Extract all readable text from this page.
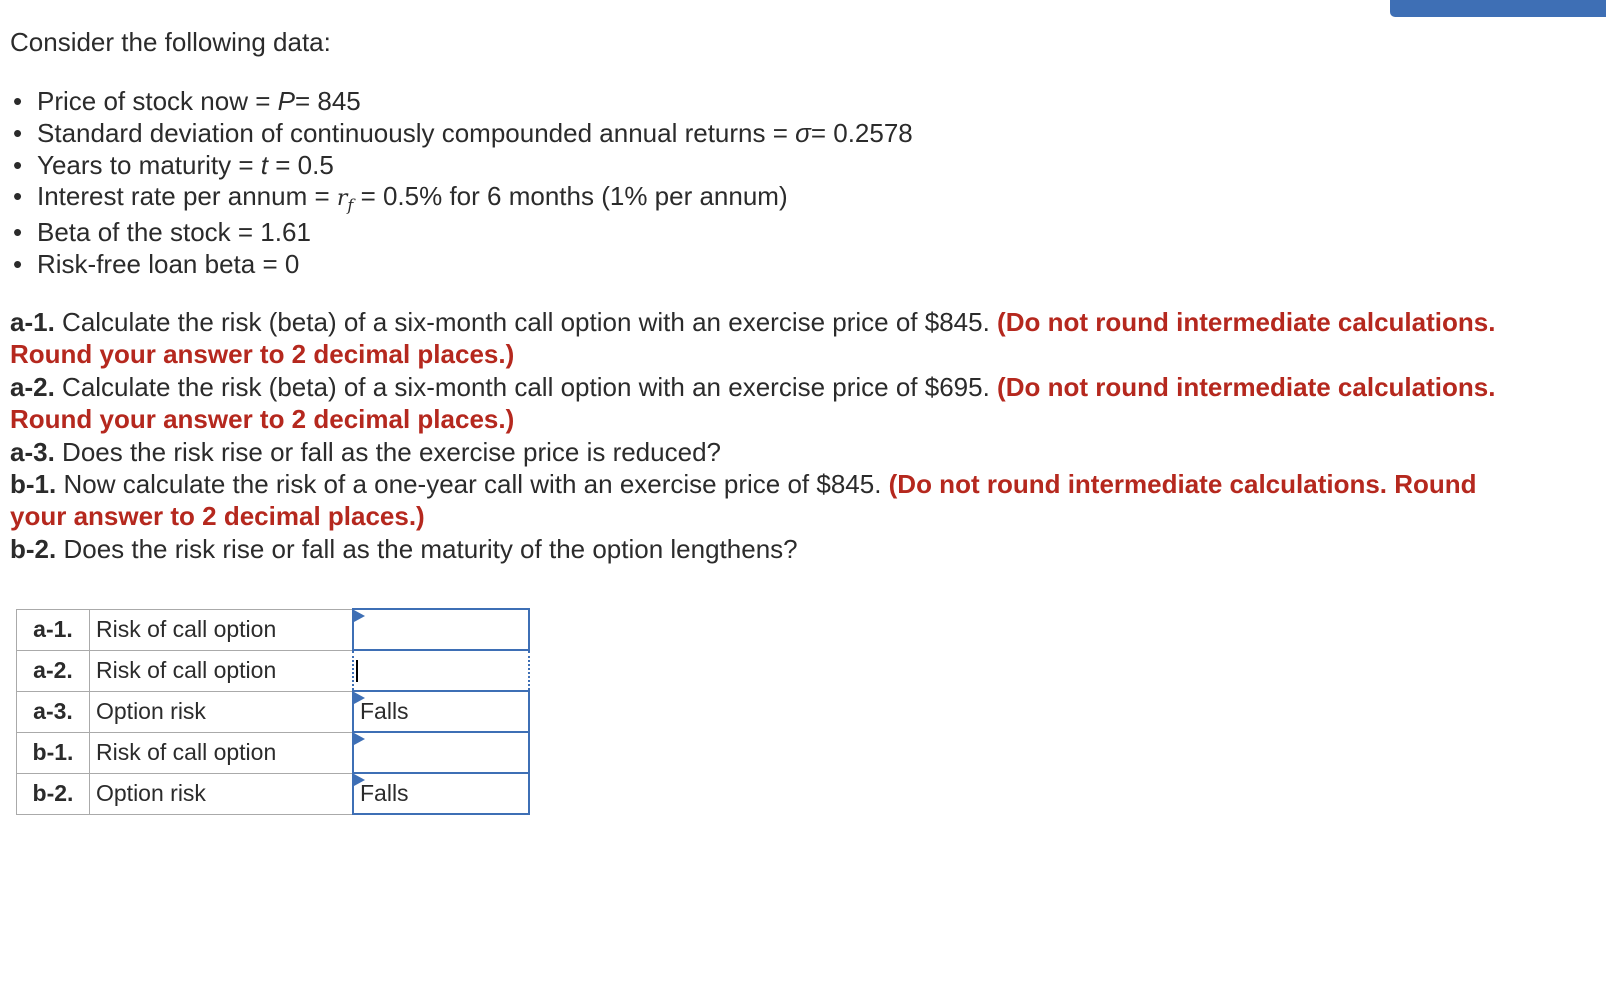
Consider the following data:

• Price of stock now = P= 845
• Standard deviation of continuously compounded annual returns = σ= 0.2578
• Years to maturity = t = 0.5
• Interest rate per annum = $r_f = 0.5\%$ for 6 months (1% per annum)
• Beta of the stock = 1.61
• Risk-free loan beta = 0

a-1. Calculate the risk (beta) of a six-month call option with an exercise price of $845. (Do not round intermediate calculations.

Round your answer to 2 decimal places.)

a-2. Calculate the risk (beta) of a six-month call option with an exercise price of $695. (Do not round intermediate calculations.

Round your answer to 2 decimal places.)

a-3. Does the risk rise or fall as the exercise price is reduced?

b-1. Now calculate the risk of a one-year call with an exercise price of $845. (Do not round intermediate calculations. Round

your answer to 2 decimal places.)

b-2. Does the risk rise or fall as the maturity of the option lengthens?

a-1.	Risk of call option	

a-2.	Risk of call option	

a-3.	Option risk	Falls

b-1.	Risk of call option	

b-2.	Option risk	Falls
